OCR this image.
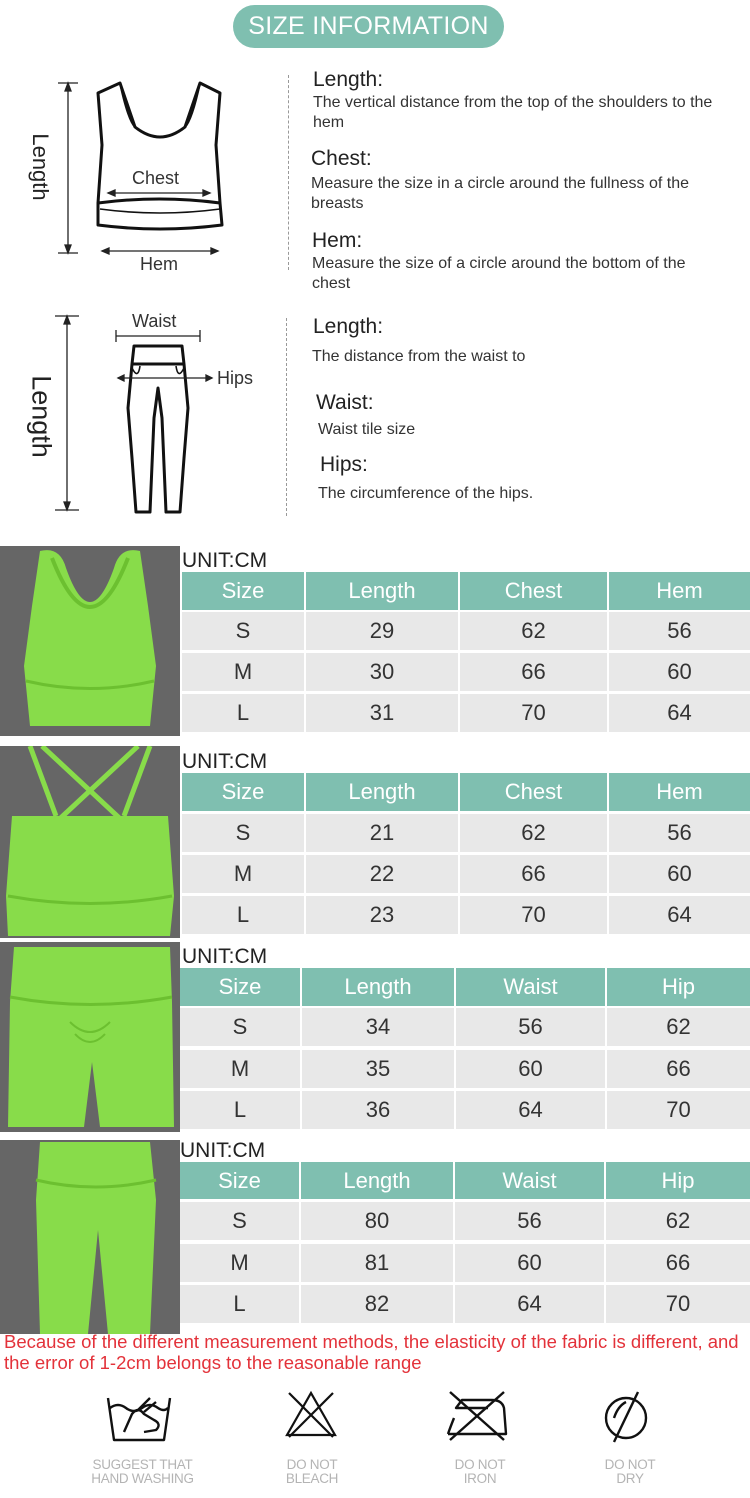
SIZE INFORMATION
Length	Chest
Hem
Length:
The vertical distance from the top of the shoulders to the hem
Chest:
Measure the size in a circle around the fullness of the breasts
Hem:
Measure the size of a circle around the bottom of the chest
Length
Waist
Hips
Length:
The distance from the waist to
Waist:
Waist tile size
Hips:
The circumference of the hips.
UNIT:CM
Size	Length	Chest	Hem
S	29	62	56
M	30	66	60
L	31	70	64
UNIT:CM
Size	Length	Chest	Hem
S	21	62	56
M	22	66	60
L	23	70	64
UNIT:CM
Size	Length	Waist	Hip
S	34	56	62
M	35	60	66
L	36	64	70
UNIT:CM
Size	Length	Waist	Hip
S	80	56	62
M	81	60	66
L	82	64	70
Because of the different measurement methods, the elasticity of the fabric is different, and the error of 1-2cm belongs to the reasonable range
SUGGEST THAT
HAND WASHING
DO NOT
BLEACH
DO NOT
IRON
DO NOT
DRY
